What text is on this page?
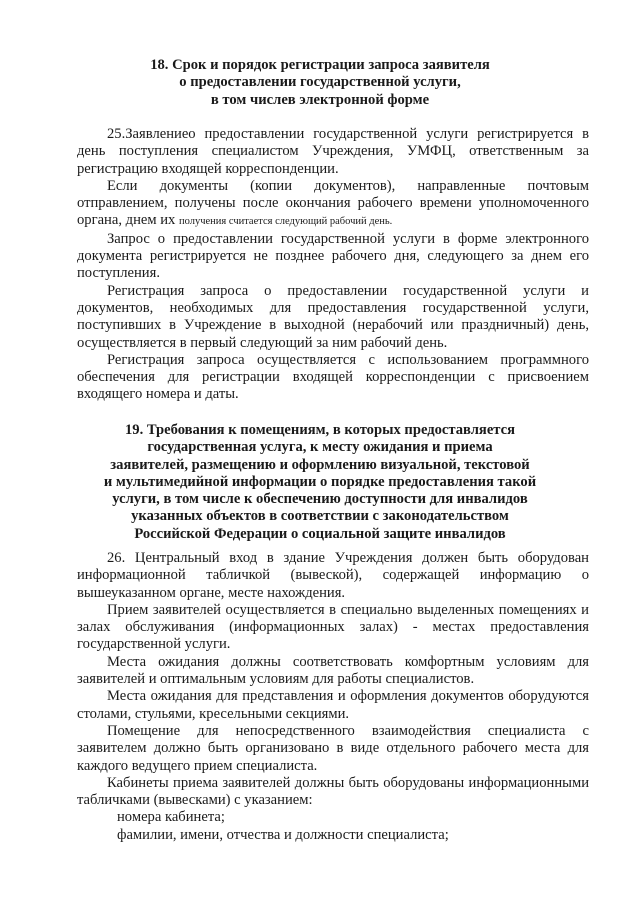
18. Срок и порядок регистрации запроса заявителя
о предоставлении государственной услуги,
в том числев электронной форме

25.Заявлениео предоставлении государственной услуги регистрируется в день поступления специалистом Учреждения, УМФЦ, ответственным за регистрацию входящей корреспонденции.

Если документы (копии документов), направленные почтовым отправлением, получены после окончания рабочего времени уполномоченного органа, днем их получения считается следующий рабочий день.

Запрос о предоставлении государственной услуги в форме электронного документа регистрируется не позднее рабочего дня, следующего за днем его поступления.

Регистрация запроса о предоставлении государственной услуги и документов, необходимых для предоставления государственной услуги, поступивших в Учреждение в выходной (нерабочий или праздничный) день, осуществляется в первый следующий за ним рабочий день.

Регистрация запроса осуществляется с использованием программного обеспечения для регистрации входящей корреспонденции с присвоением входящего номера и даты.

19. Требования к помещениям, в которых предоставляется
государственная услуга, к месту ожидания и приема
заявителей, размещению и оформлению визуальной, текстовой
и мультимедийной информации о порядке предоставления такой
услуги, в том числе к обеспечению доступности для инвалидов
указанных объектов в соответствии с законодательством
Российской Федерации о социальной защите инвалидов

26. Центральный вход в здание Учреждения должен быть оборудован информационной табличкой (вывеской), содержащей информацию о вышеуказанном органе, месте нахождения.

Прием заявителей осуществляется в специально выделенных помещениях и залах обслуживания (информационных залах) - местах предоставления государственной услуги.

Места ожидания должны соответствовать комфортным условиям для заявителей и оптимальным условиям для работы специалистов.

Места ожидания для представления и оформления документов оборудуются столами, стульями, кресельными секциями.

Помещение для непосредственного взаимодействия специалиста с заявителем должно быть организовано в виде отдельного рабочего места для каждого ведущего прием специалиста.

Кабинеты приема заявителей должны быть оборудованы информационными табличками (вывесками) с указанием:

номера кабинета;

фамилии, имени, отчества и должности специалиста;
